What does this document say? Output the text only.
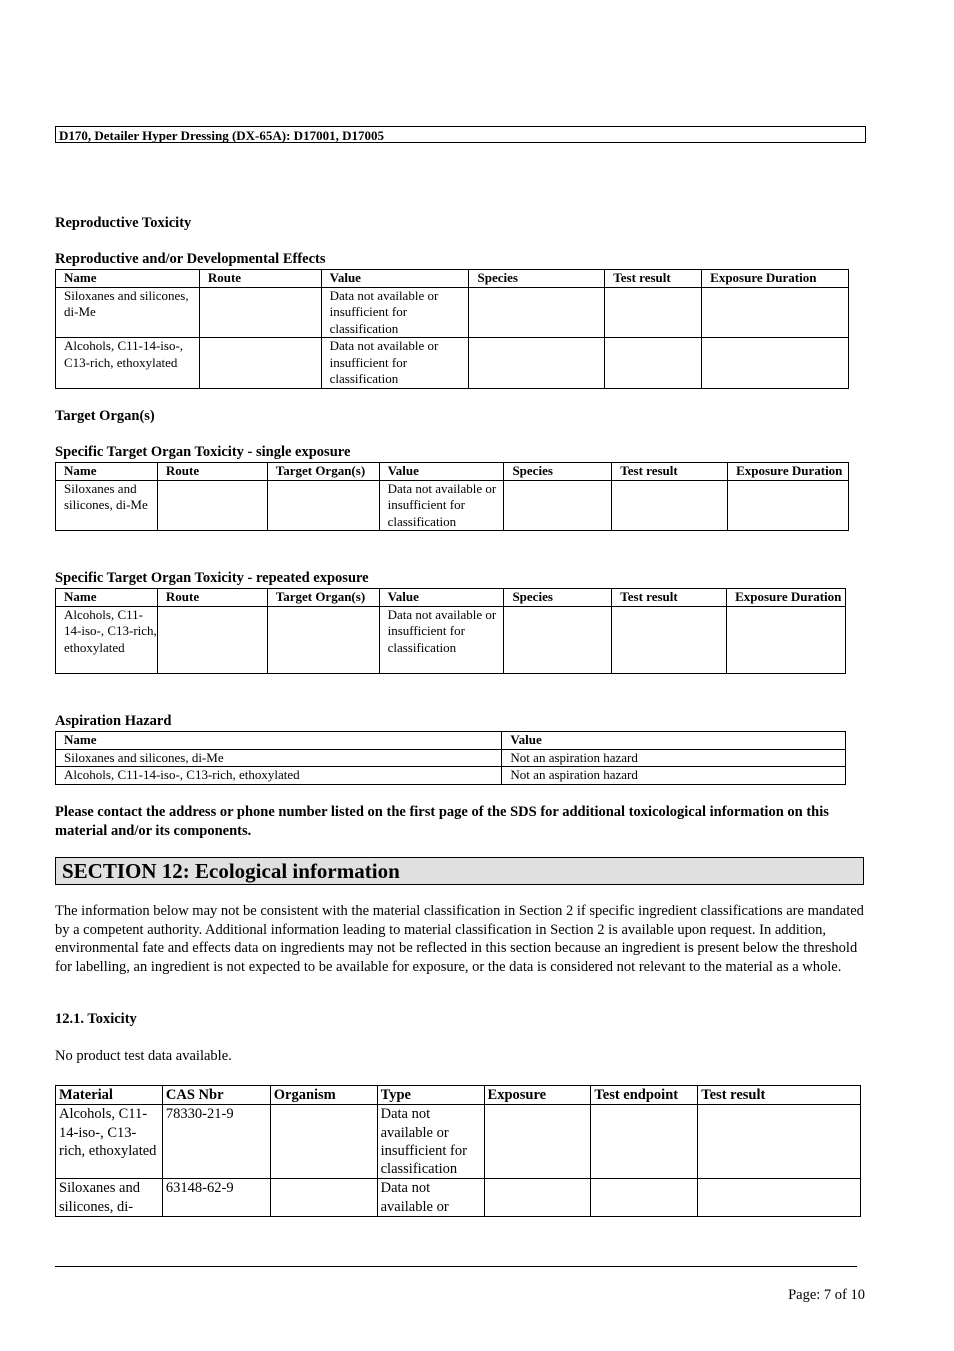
D170, Detailer Hyper Dressing (DX-65A): D17001, D17005
Reproductive Toxicity
Reproductive and/or Developmental Effects
Name	Route	Value	Species	Test result	Exposure Duration
Siloxanes and silicones, di-Me		Data not available or insufficient for classification			
Alcohols, C11-14-iso-, C13-rich, ethoxylated		Data not available or insufficient for classification			
Target Organ(s)
Specific Target Organ Toxicity - single exposure
Name	Route	Target Organ(s)	Value	Species	Test result	Exposure Duration
Siloxanes and silicones, di-Me			Data not available or insufficient for classification			
Specific Target Organ Toxicity - repeated exposure
Name	Route	Target Organ(s)	Value	Species	Test result	Exposure Duration
Alcohols, C11-14-iso-, C13-rich, ethoxylated			Data not available or insufficient for classification			
Aspiration Hazard
Name	Value
Siloxanes and silicones, di-Me	Not an aspiration hazard
Alcohols, C11-14-iso-, C13-rich, ethoxylated	Not an aspiration hazard
Please contact the address or phone number listed on the first page of the SDS for additional toxicological information on this material and/or its components.
SECTION 12: Ecological information
The information below may not be consistent with the material classification in Section 2 if specific ingredient classifications are mandated by a competent authority. Additional information leading to material classification in Section 2 is available upon request. In addition, environmental fate and effects data on ingredients may not be reflected in this section because an ingredient is present below the threshold for labelling, an ingredient is not expected to be available for exposure, or the data is considered not relevant to the material as a whole.
12.1. Toxicity
No product test data available.
Material	CAS Nbr	Organism	Type	Exposure	Test endpoint	Test result
Alcohols, C11-14-iso-, C13-rich, ethoxylated	78330-21-9		Data not available or insufficient for classification			
Siloxanes and silicones, di-	63148-62-9		Data not available or			
Page: 7 of 10
